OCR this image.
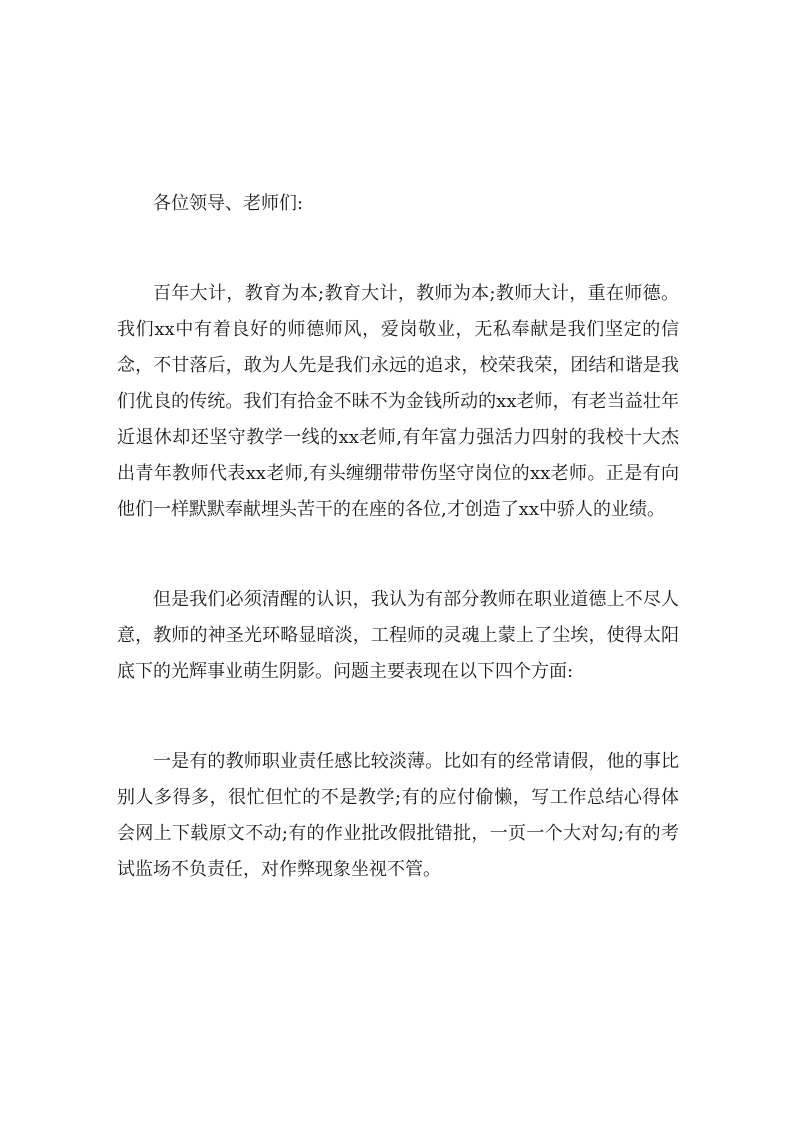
各位领导、老师们:

百年大计，教育为本;教育大计，教师为本;教师大计，重在师德。我们xx中有着良好的师德师风，爱岗敬业，无私奉献是我们坚定的信念，不甘落后，敢为人先是我们永远的追求，校荣我荣，团结和谐是我们优良的传统。我们有拾金不昧不为金钱所动的xx老师，有老当益壮年近退休却还坚守教学一线的xx老师,有年富力强活力四射的我校十大杰出青年教师代表xx老师,有头缠绷带带伤坚守岗位的xx老师。正是有向他们一样默默奉献埋头苦干的在座的各位,才创造了xx中骄人的业绩。

但是我们必须清醒的认识，我认为有部分教师在职业道德上不尽人意，教师的神圣光环略显暗淡，工程师的灵魂上蒙上了尘埃，使得太阳底下的光辉事业萌生阴影。问题主要表现在以下四个方面:

一是有的教师职业责任感比较淡薄。比如有的经常请假，他的事比别人多得多，很忙但忙的不是教学;有的应付偷懒，写工作总结心得体会网上下载原文不动;有的作业批改假批错批，一页一个大对勾;有的考试监场不负责任，对作弊现象坐视不管。
